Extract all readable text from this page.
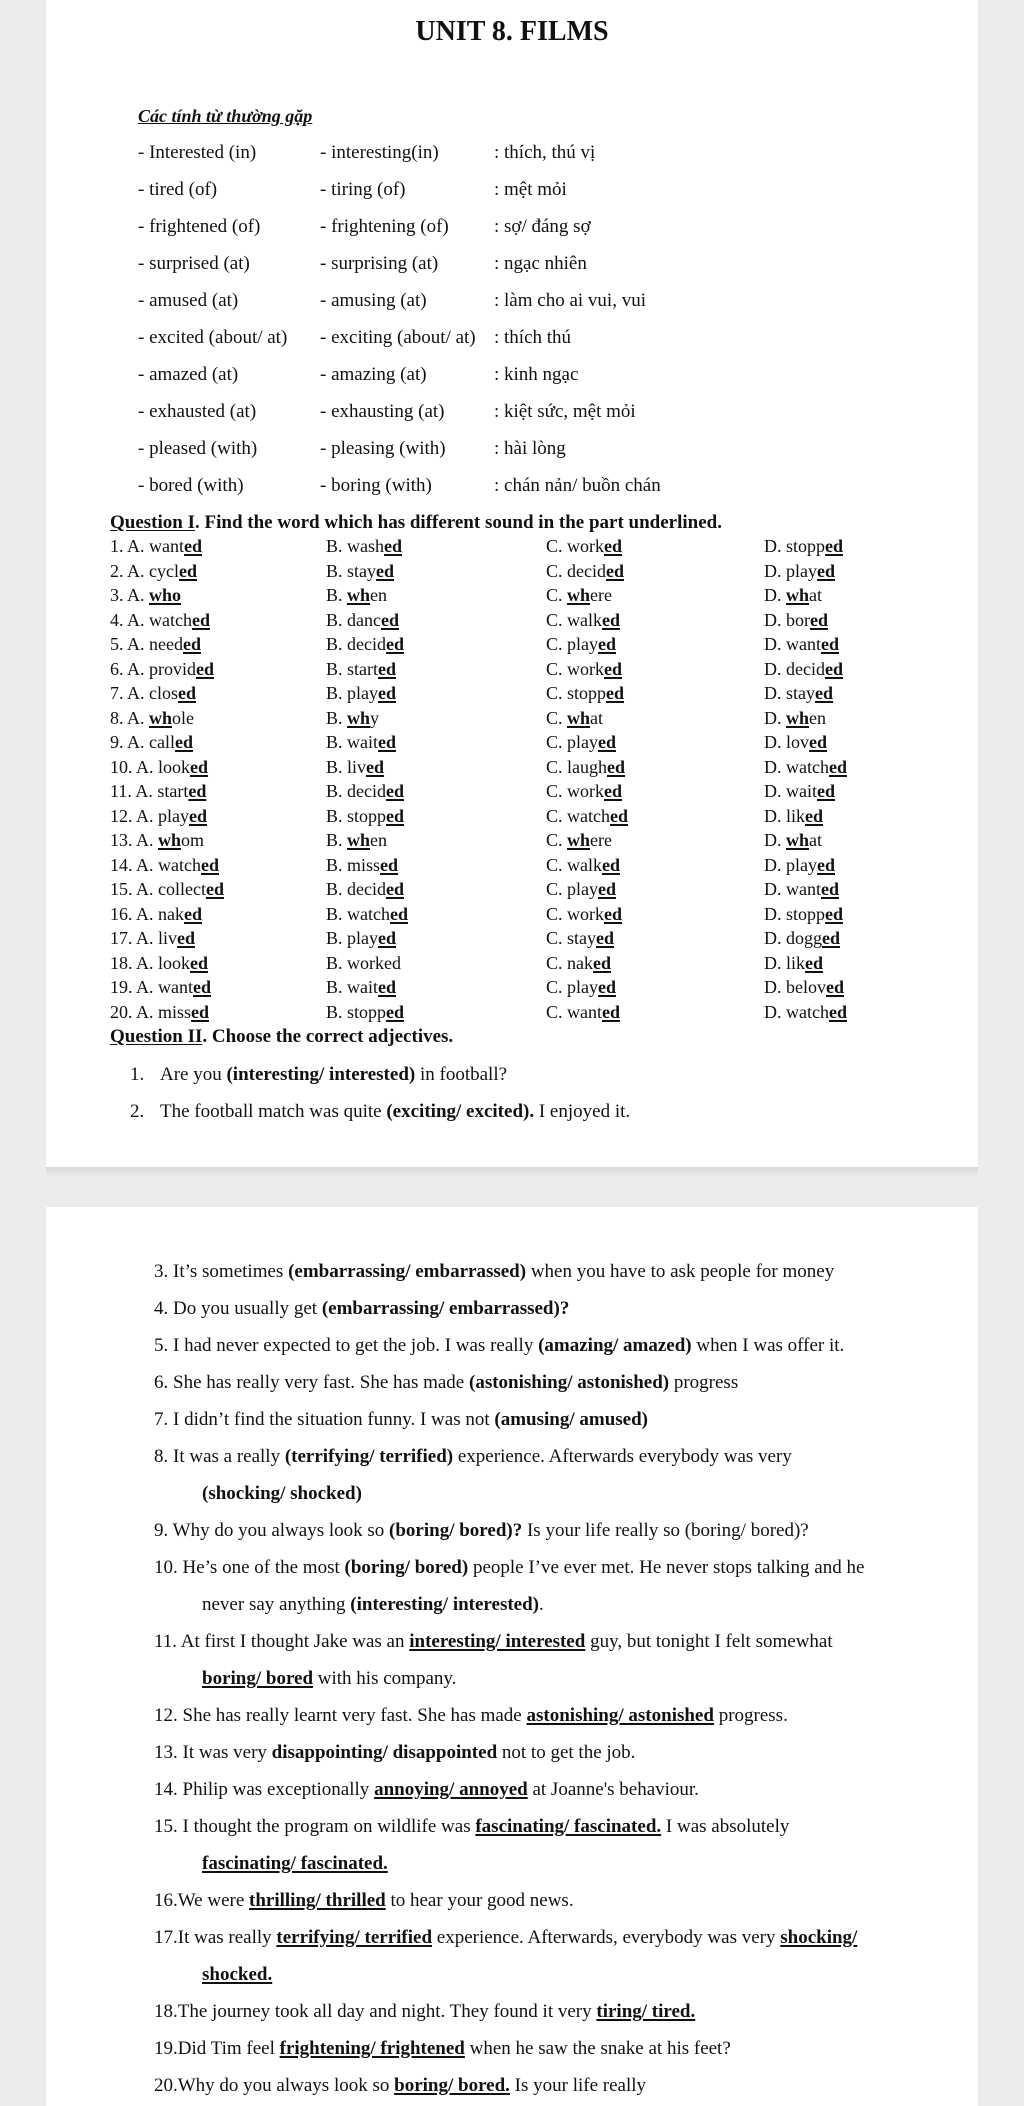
UNIT 8. FILMS
Các tính từ thường gặp
- Interested (in)	- interesting(in)	: thích, thú vị
- tired (of)	- tiring (of)	: mệt mỏi
- frightened (of)	- frightening (of) : sợ/ đáng sợ
- surprised (at)	- surprising (at)	: ngạc nhiên
- amused (at)	- amusing (at)	: làm cho ai vui, vui
- excited (about/ at) - exciting (about/ at) : thích thú
- amazed (at)	- amazing (at)	: kinh ngạc
- exhausted (at)	- exhausting (at)	: kiệt sức, mệt mỏi
- pleased (with)	- pleasing (with)	: hài lòng
- bored (with)	- boring (with)	: chán nản/ buồn chán
Question I. Find the word which has different sound in the part underlined.
1. A. wanted	B. washed	C. worked	D. stopped
2. A. cycled	B. stayed	C. decided	D. played
3. A. who	B. when	C. where	D. what
4. A. watched	B. danced	C. walked	D. bored
5. A. needed	B. decided	C. played	D. wanted
6. A. provided	B. started	C. worked	D. decided
7. A. closed	B. played	C. stopped	D. stayed
8. A. whole	B. why	C. what	D. when
9. A. called	B. waited	C. played	D. loved
10. A. looked	B. lived	C. laughed	D. watched
11. A. started	B. decided	C. worked	D. waited
12. A. played	B. stopped	C. watched	D. liked
13. A. whom	B. when	C. where	D. what
14. A. watched	B. missed	C. walked	D. played
15. A. collected	B. decided	C. played	D. wanted
16. A. naked	B. watched	C. worked	D. stopped
17. A. lived	B. played	C. stayed	D. dogged
18. A. looked	B. worked	C. naked	D. liked
19. A. wanted	B. waited	C. played	D. beloved
20. A. missed	B. stopped	C. wanted	D. watched
Question II. Choose the correct adjectives.
1. Are you (interesting/ interested) in football?
2. The football match was quite (exciting/ excited). I enjoyed it.
3. It’s sometimes (embarrassing/ embarrassed) when you have to ask people for money
4. Do you usually get (embarrassing/ embarrassed)?
5. I had never expected to get the job. I was really (amazing/ amazed) when I was offer it.
6. She has really very fast. She has made (astonishing/ astonished) progress
7. I didn’t find the situation funny. I was not (amusing/ amused)
8. It was a really (terrifying/ terrified) experience. Afterwards everybody was very
(shocking/ shocked)
9. Why do you always look so (boring/ bored)? Is your life really so (boring/ bored)?
10. He’s one of the most (boring/ bored) people I’ve ever met. He never stops talking and he
never say anything (interesting/ interested).
11. At first I thought Jake was an interesting/ interested guy, but tonight I felt somewhat
boring/ bored with his company.
12. She has really learnt very fast. She has made astonishing/ astonished progress.
13. It was very disappointing/ disappointed not to get the job.
14. Philip was exceptionally annoying/ annoyed at Joanne's behaviour.
15. I thought the program on wildlife was fascinating/ fascinated. I was absolutely
fascinating/ fascinated.
16.We were thrilling/ thrilled to hear your good news.
17.It was really terrifying/ terrified experience. Afterwards, everybody was very shocking/
shocked.
18.The journey took all day and night. They found it very tiring/ tired.
19.Did Tim feel frightening/ frightened when he saw the snake at his feet?
20.Why do you always look so boring/ bored. Is your life really
